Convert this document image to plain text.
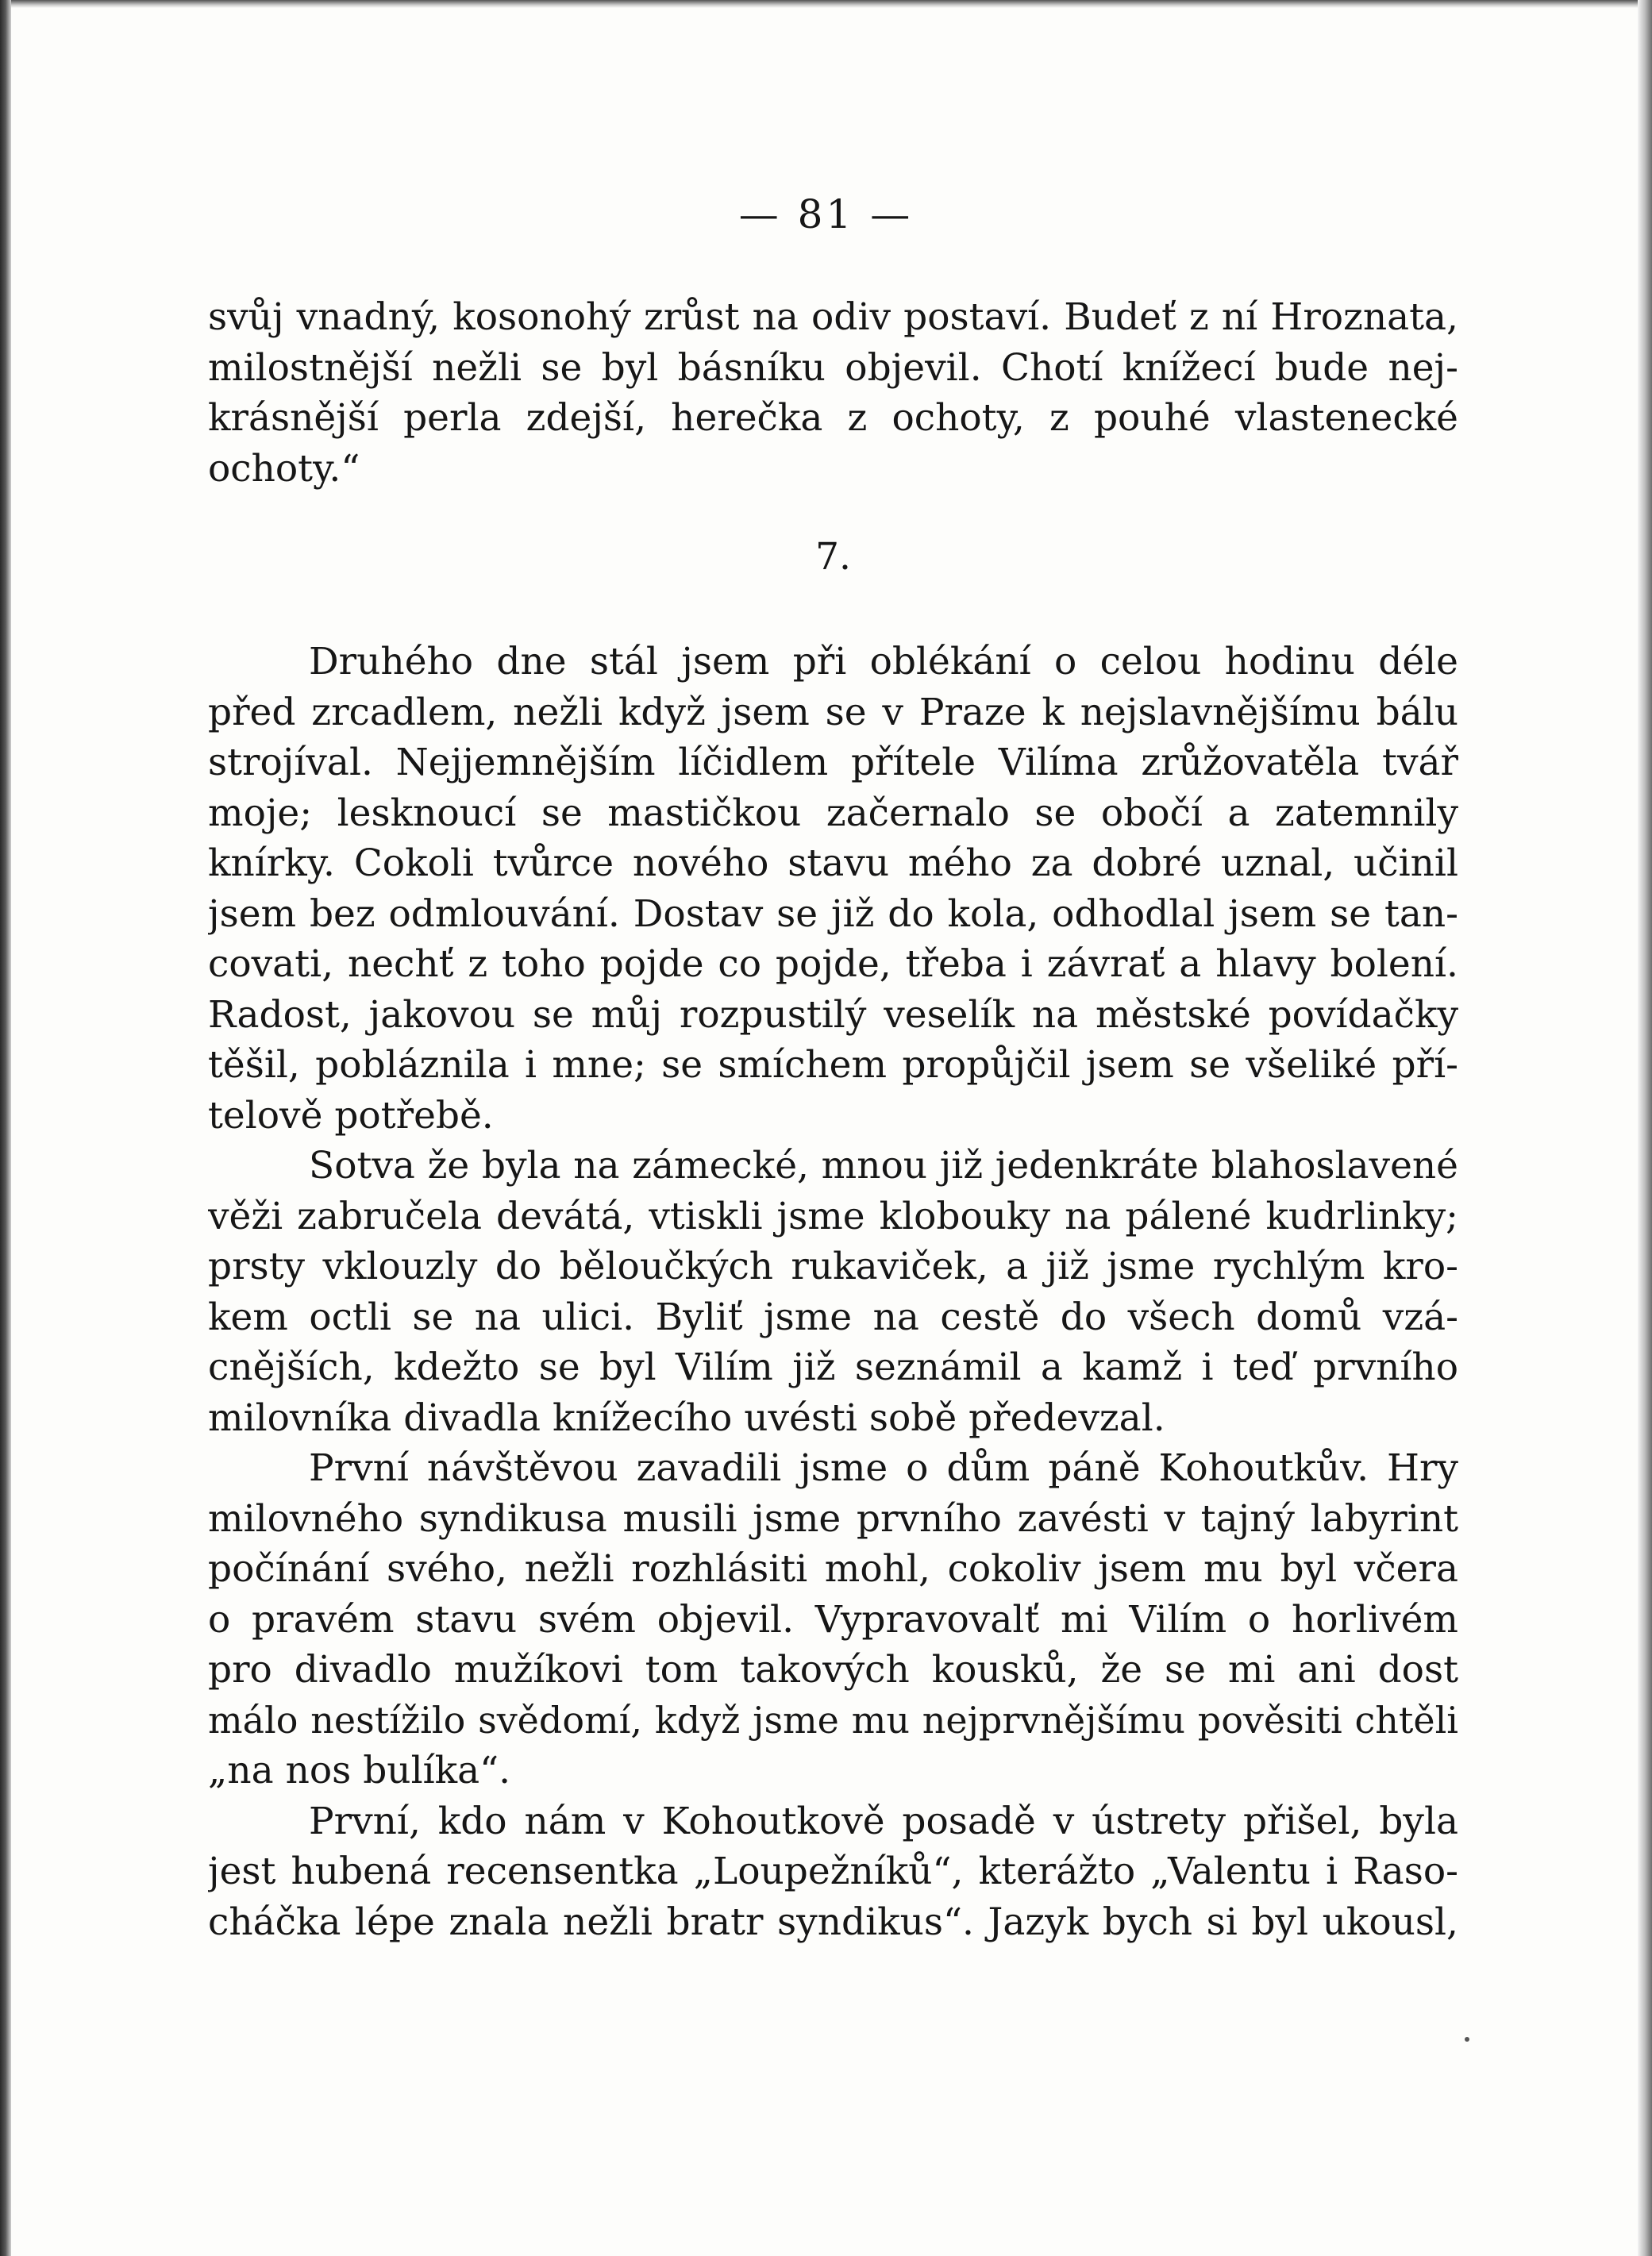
— 81 —
svůj vnadný, kosonohý zrůst na odiv postaví. Budeť z ní Hroznata,
milostnější nežli se byl básníku objevil. Chotí knížecí bude nej-
krásnější perla zdejší, herečka z ochoty, z pouhé vlastenecké
ochoty.“
7.
Druhého dne stál jsem při oblékání o celou hodinu déle
před zrcadlem, nežli když jsem se v Praze k nejslavnějšímu bálu
strojíval. Nejjemnějším líčidlem přítele Vilíma zrůžovatěla tvář
moje; lesknoucí se mastičkou začernalo se obočí a zatemnily
knírky. Cokoli tvůrce nového stavu mého za dobré uznal, učinil
jsem bez odmlouvání. Dostav se již do kola, odhodlal jsem se tan-
covati, nechť z toho pojde co pojde, třeba i závrať a hlavy bolení.
Radost, jakovou se můj rozpustilý veselík na městské povídačky
těšil, pobláznila i mne; se smíchem propůjčil jsem se všeliké pří-
telově potřebě.
Sotva že byla na zámecké, mnou již jedenkráte blahoslavené
věži zabručela devátá, vtiskli jsme klobouky na pálené kudrlinky;
prsty vklouzly do běloučkých rukaviček, a již jsme rychlým kro-
kem octli se na ulici. Byliť jsme na cestě do všech domů vzá-
cnějších, kdežto se byl Vilím již seznámil a kamž i teď prvního
milovníka divadla knížecího uvésti sobě předevzal.
První návštěvou zavadili jsme o dům páně Kohoutkův. Hry
milovného syndikusa musili jsme prvního zavésti v tajný labyrint
počínání svého, nežli rozhlásiti mohl, cokoliv jsem mu byl včera
o pravém stavu svém objevil. Vypravovalť mi Vilím o horlivém
pro divadlo mužíkovi tom takových kousků, že se mi ani dost
málo nestížilo svědomí, když jsme mu nejprvnějšímu pověsiti chtěli
„na nos bulíka“.
První, kdo nám v Kohoutkově posadě v ústrety přišel, byla
jest hubená recensentka „Loupežníků“, kterážto „Valentu i Raso-
cháčka lépe znala nežli bratr syndikus“. Jazyk bych si byl ukousl,
